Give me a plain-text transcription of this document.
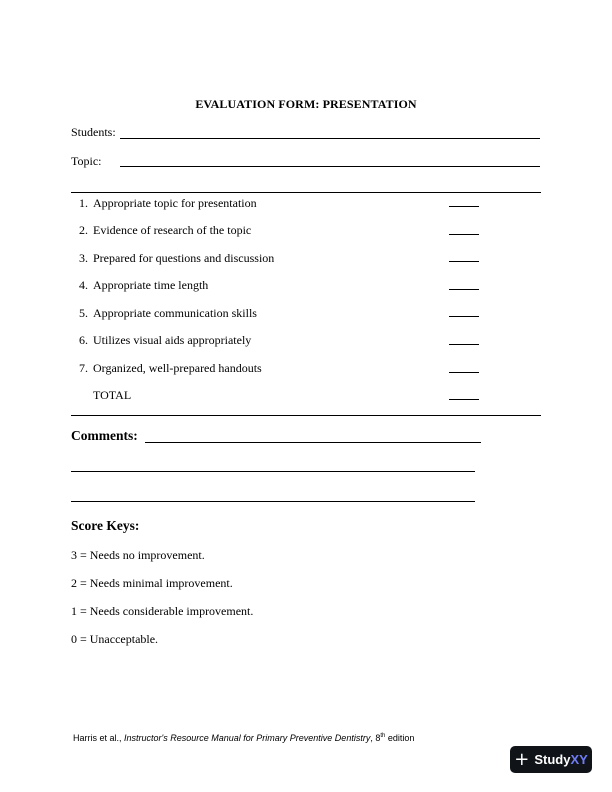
EVALUATION FORM: PRESENTATION
Students:
Topic:
1. Appropriate topic for presentation
2. Evidence of research of the topic
3. Prepared for questions and discussion
4. Appropriate time length
5. Appropriate communication skills
6. Utilizes visual aids appropriately
7. Organized, well-prepared handouts
TOTAL
Comments:
Score Keys:
3 = Needs no improvement.
2 = Needs minimal improvement.
1 = Needs considerable improvement.
0 = Unacceptable.
Harris et al., Instructor's Resource Manual for Primary Preventive Dentistry, 8th edition
+ Study XY
